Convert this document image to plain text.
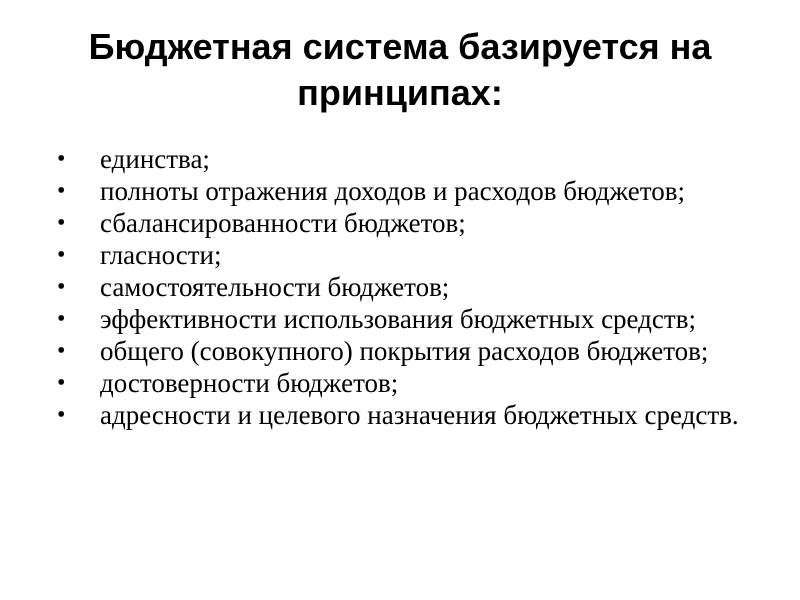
Бюджетная система базируется на принципах:
• единства;
• полноты отражения доходов и расходов бюджетов;
• сбалансированности бюджетов;
• гласности;
• самостоятельности бюджетов;
• эффективности использования бюджетных средств;
• общего (совокупного) покрытия расходов бюджетов;
• достоверности бюджетов;
• адресности и целевого назначения бюджетных средств.
